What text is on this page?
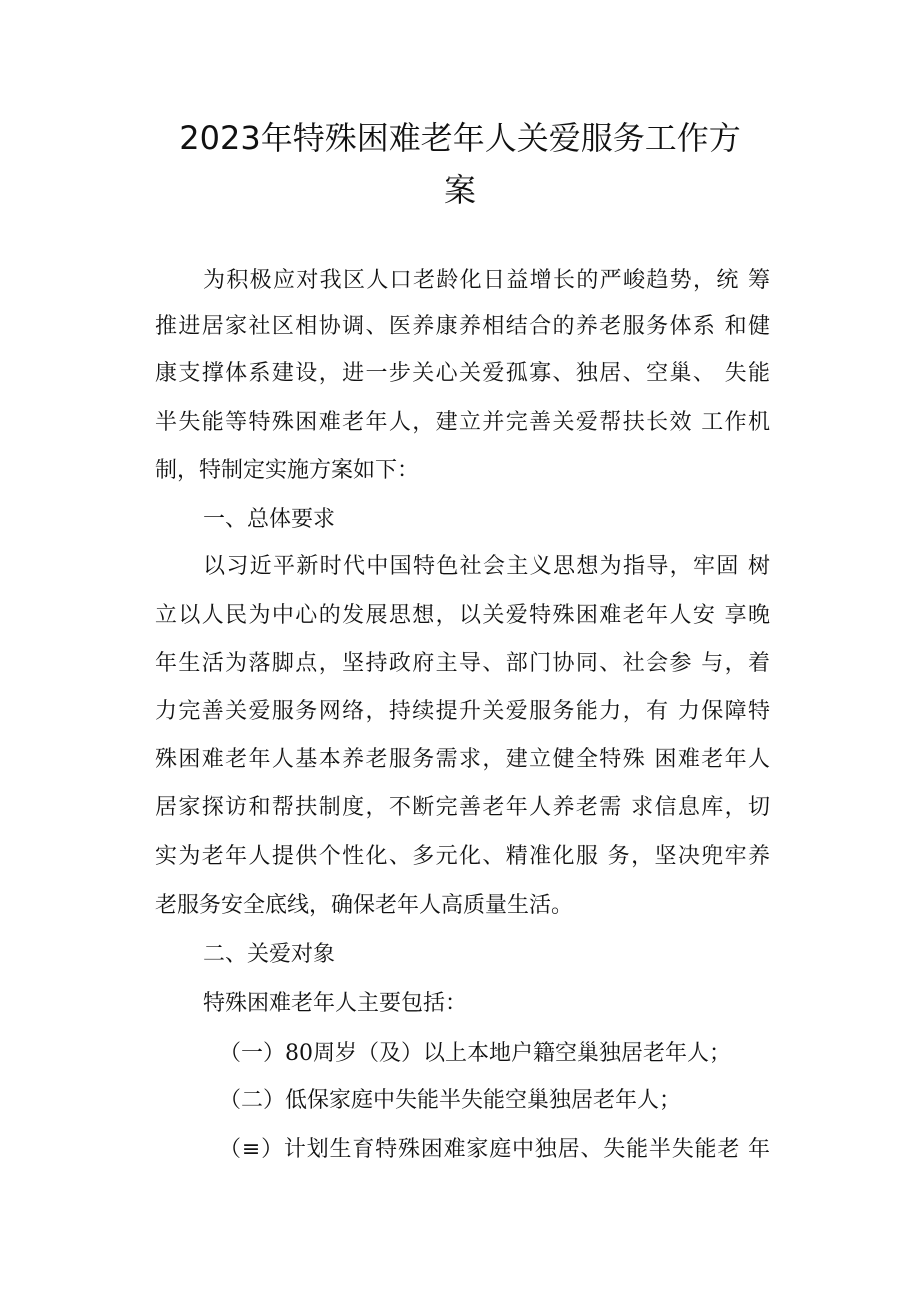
2023年特殊困难老年人关爱服务工作方
案
为积极应对我区人口老龄化日益增长的严峻趋势，统 筹
推进居家社区相协调、医养康养相结合的养老服务体系 和健
康支撑体系建设，进一步关心关爱孤寡、独居、空巢、 失能
半失能等特殊困难老年人，建立并完善关爱帮扶长效 工作机
制，特制定实施方案如下：
一、总体要求
以习近平新时代中国特色社会主义思想为指导，牢固 树
立以人民为中心的发展思想，以关爱特殊困难老年人安 享晚
年生活为落脚点，坚持政府主导、部门协同、社会参 与，着
力完善关爱服务网络，持续提升关爱服务能力，有 力保障特
殊困难老年人基本养老服务需求，建立健全特殊 困难老年人
居家探访和帮扶制度，不断完善老年人养老需 求信息库，切
实为老年人提供个性化、多元化、精准化服 务，坚决兜牢养
老服务安全底线，确保老年人高质量生活。
二、关爱对象
特殊困难老年人主要包括：
（一）80周岁（及）以上本地户籍空巢独居老年人；
（二）低保家庭中失能半失能空巢独居老年人；
（≡）计划生育特殊困难家庭中独居、失能半失能老 年
